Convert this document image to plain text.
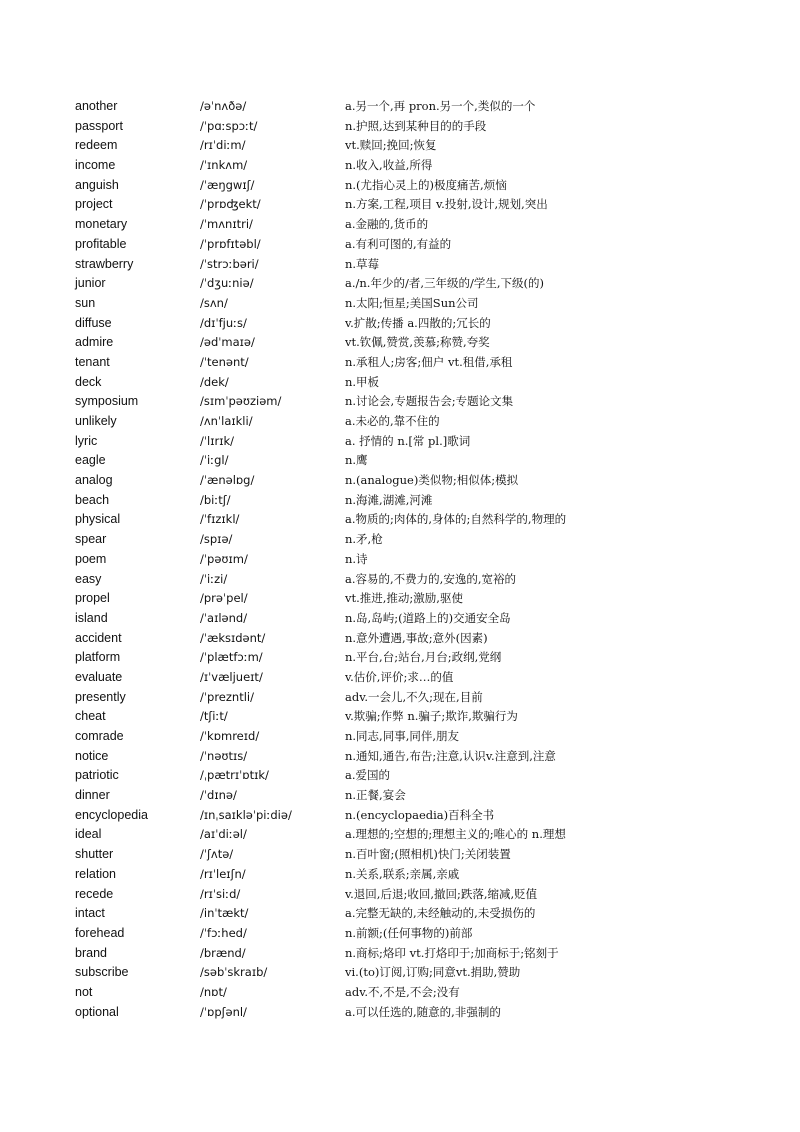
another	/əˈnʌðə/	a.另一个,再 pron.另一个,类似的一个
passport	/ˈpɑːspɔːt/	n.护照,达到某种目的的手段
redeem	/rɪˈdiːm/	vt.赎回;挽回;恢复
income	/ˈɪnkʌm/	n.收入,收益,所得
anguish	/ˈæŋgwɪʃ/	n.(尤指心灵上的)极度痛苦,烦恼
project	/ˈprɒʤekt/	n.方案,工程,项目 v.投射,设计,规划,突出
monetary	/ˈmʌnɪtri/	a.金融的,货币的
profitable	/ˈprɒfɪtəbl/	a.有利可图的,有益的
strawberry	/ˈstrɔːbəri/	n.草莓
junior	/ˈdʒuːniə/	a./n.年少的/者,三年级的/学生,下级(的)
sun	/sʌn/	n.太阳;恒星;美国Sun公司
diffuse	/dɪˈfjuːs/	v.扩散;传播 a.四散的;冗长的
admire	/ədˈmaɪə/	vt.钦佩,赞赏,羡慕;称赞,夸奖
tenant	/ˈtenənt/	n.承租人;房客;佃户 vt.租借,承租
deck	/dek/	n.甲板
symposium	/sɪmˈpəʊziəm/	n.讨论会,专题报告会;专题论文集
unlikely	/ʌnˈlaɪkli/	a.未必的,靠不住的
lyric	/ˈlɪrɪk/	a. 抒情的 n.[常 pl.]歌词
eagle	/ˈiːgl/	n.鹰
analog	/ˈænəlɒg/	n.(analogue)类似物;相似体;模拟
beach	/biːtʃ/	n.海滩,湖滩,河滩
physical	/ˈfɪzɪkl/	a.物质的;肉体的,身体的;自然科学的,物理的
spear	/spɪə/	n.矛,枪
poem	/ˈpəʊɪm/	n.诗
easy	/ˈiːzi/	a.容易的,不费力的,安逸的,宽裕的
propel	/prəˈpel/	vt.推进,推动;激励,驱使
island	/ˈaɪlənd/	n.岛,岛屿;(道路上的)交通安全岛
accident	/ˈæksɪdənt/	n.意外遭遇,事故;意外(因素)
platform	/ˈplætfɔːm/	n.平台,台;站台,月台;政纲,党纲
evaluate	/ɪˈvæljueɪt/	v.估价,评价;求…的值
presently	/ˈprezntli/	adv.一会儿,不久;现在,目前
cheat	/tʃiːt/	v.欺骗;作弊 n.骗子;欺诈,欺骗行为
comrade	/ˈkɒmreɪd/	n.同志,同事,同伴,朋友
notice	/ˈnəʊtɪs/	n.通知,通告,布告;注意,认识v.注意到,注意
patriotic	/ˌpætrɪˈɒtɪk/	a.爱国的
dinner	/ˈdɪnə/	n.正餐,宴会
encyclopedia	/ɪnˌsaɪkləˈpiːdiə/	n.(encyclopaedia)百科全书
ideal	/aɪˈdiːəl/	a.理想的;空想的;理想主义的;唯心的 n.理想
shutter	/ˈʃʌtə/	n.百叶窗;(照相机)快门;关闭装置
relation	/rɪˈleɪʃn/	n.关系,联系;亲属,亲戚
recede	/rɪˈsiːd/	v.退回,后退;收回,撤回;跌落,缩减,贬值
intact	/inˈtækt/	a.完整无缺的,未经触动的,未受损伤的
forehead	/ˈfɔːhed/	n.前额;(任何事物的)前部
brand	/brænd/	n.商标;烙印 vt.打烙印于;加商标于;铭刻于
subscribe	/səbˈskraɪb/	vi.(to)订阅,订购;同意vt.捐助,赞助
not	/nɒt/	adv.不,不是,不会;没有
optional	/ˈɒpʃənl/	a.可以任选的,随意的,非强制的
